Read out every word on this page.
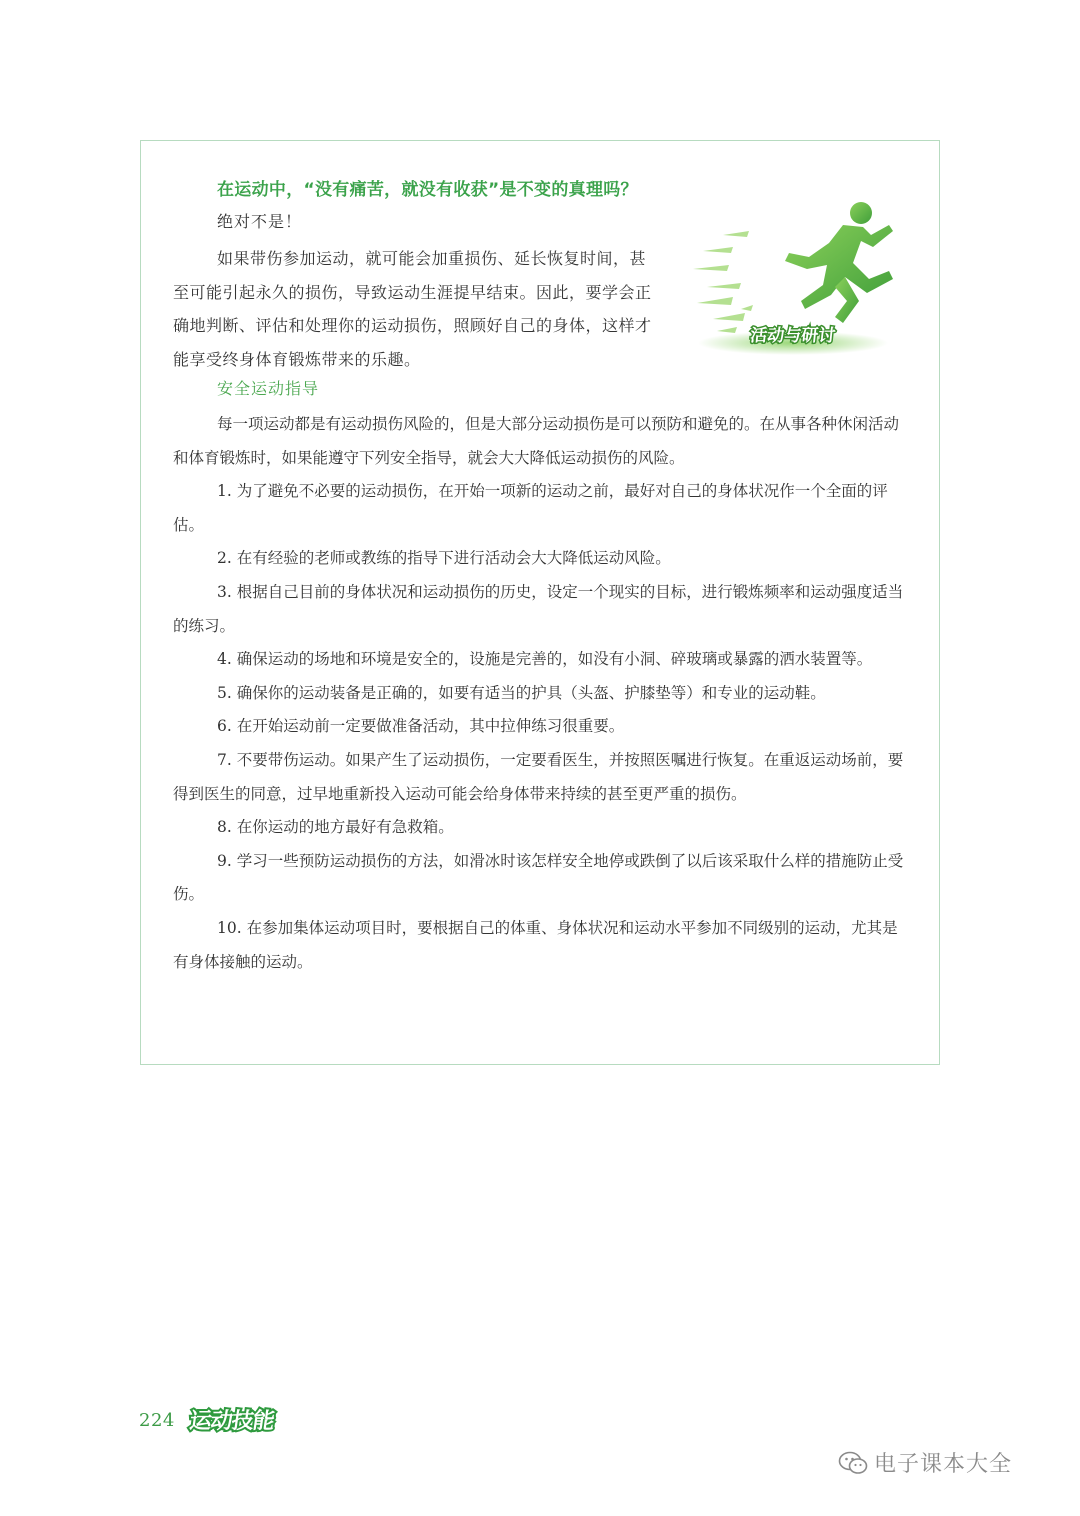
在运动中，“没有痛苦，就没有收获”是不变的真理吗？
绝对不是！

如果带伤参加运动，就可能会加重损伤、延长恢复时间，甚至可能引起永久的损伤，导致运动生涯提早结束。因此，要学会正确地判断、评估和处理你的运动损伤，照顾好自己的身体，这样才能享受终身体育锻炼带来的乐趣。

活动与研讨
安全运动指导

每一项运动都是有运动损伤风险的，但是大部分运动损伤是可以预防和避免的。在从事各种休闲活动和体育锻炼时，如果能遵守下列安全指导，就会大大降低运动损伤的风险。

1. 为了避免不必要的运动损伤，在开始一项新的运动之前，最好对自己的身体状况作一个全面的评估。

2. 在有经验的老师或教练的指导下进行活动会大大降低运动风险。

3. 根据自己目前的身体状况和运动损伤的历史，设定一个现实的目标，进行锻炼频率和运动强度适当的练习。

4. 确保运动的场地和环境是安全的，设施是完善的，如没有小洞、碎玻璃或暴露的洒水装置等。

5. 确保你的运动装备是正确的，如要有适当的护具（头盔、护膝垫等）和专业的运动鞋。

6. 在开始运动前一定要做准备活动，其中拉伸练习很重要。

7. 不要带伤运动。如果产生了运动损伤，一定要看医生，并按照医嘱进行恢复。在重返运动场前，要得到医生的同意，过早地重新投入运动可能会给身体带来持续的甚至更严重的损伤。

8. 在你运动的地方最好有急救箱。

9. 学习一些预防运动损伤的方法，如滑冰时该怎样安全地停或跌倒了以后该采取什么样的措施防止受伤。

10. 在参加集体运动项目时，要根据自己的体重、身体状况和运动水平参加不同级别的运动，尤其是有身体接触的运动。

224 运动技能
电子课本大全
